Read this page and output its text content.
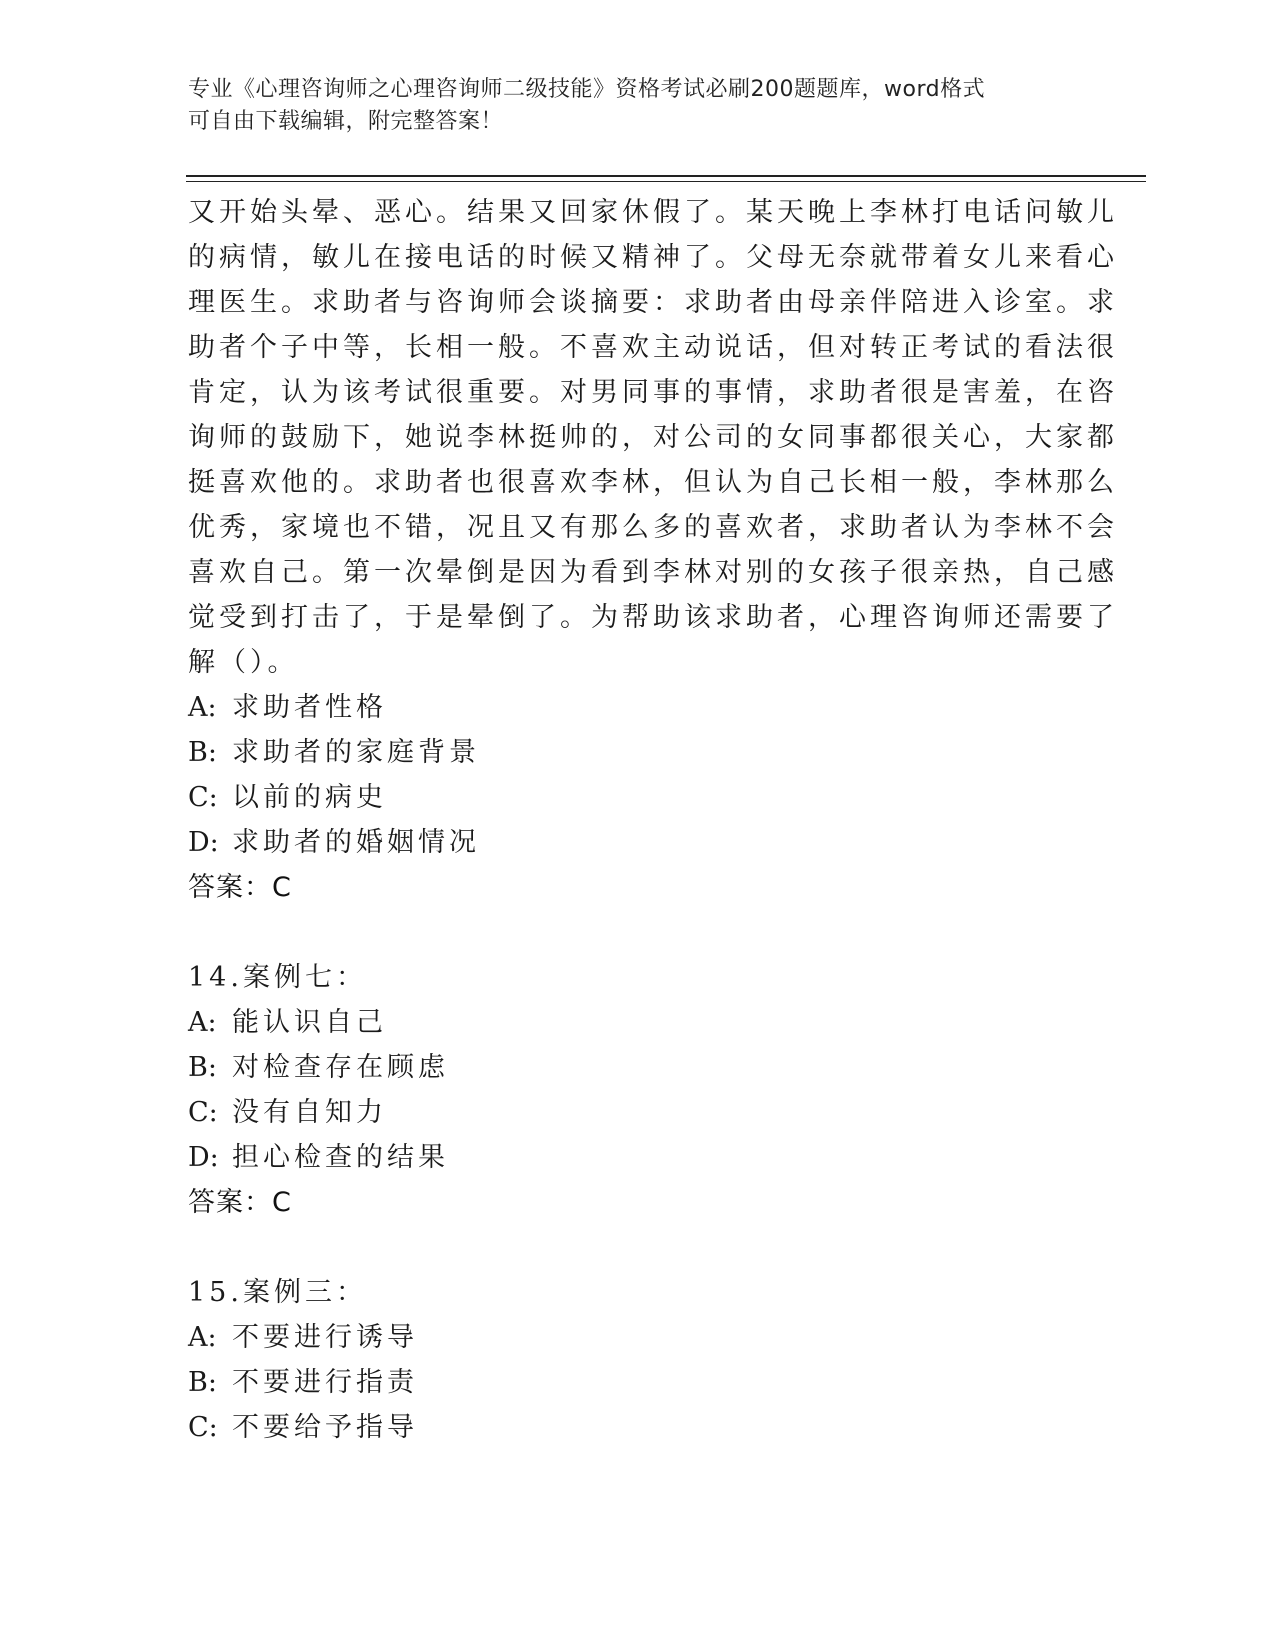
专业《心理咨询师之心理咨询师二级技能》资格考试必刷200题题库，word格式
可自由下载编辑，附完整答案！
又开始头晕、恶心。结果又回家休假了。某天晚上李林打电话问敏儿
的病情，敏儿在接电话的时候又精神了。父母无奈就带着女儿来看心
理医生。求助者与咨询师会谈摘要：求助者由母亲伴陪进入诊室。求
助者个子中等，长相一般。不喜欢主动说话，但对转正考试的看法很
肯定，认为该考试很重要。对男同事的事情，求助者很是害羞，在咨
询师的鼓励下，她说李林挺帅的，对公司的女同事都很关心，大家都
挺喜欢他的。求助者也很喜欢李林，但认为自己长相一般，李林那么
优秀，家境也不错，况且又有那么多的喜欢者，求助者认为李林不会
喜欢自己。第一次晕倒是因为看到李林对别的女孩子很亲热，自己感
觉受到打击了，于是晕倒了。为帮助该求助者，心理咨询师还需要了
解（）。
A: 求助者性格
B: 求助者的家庭背景
C: 以前的病史
D: 求助者的婚姻情况
答案：C
14.案例七：
A: 能认识自己
B: 对检查存在顾虑
C: 没有自知力
D: 担心检查的结果
答案：C
15.案例三：
A: 不要进行诱导
B: 不要进行指责
C: 不要给予指导
